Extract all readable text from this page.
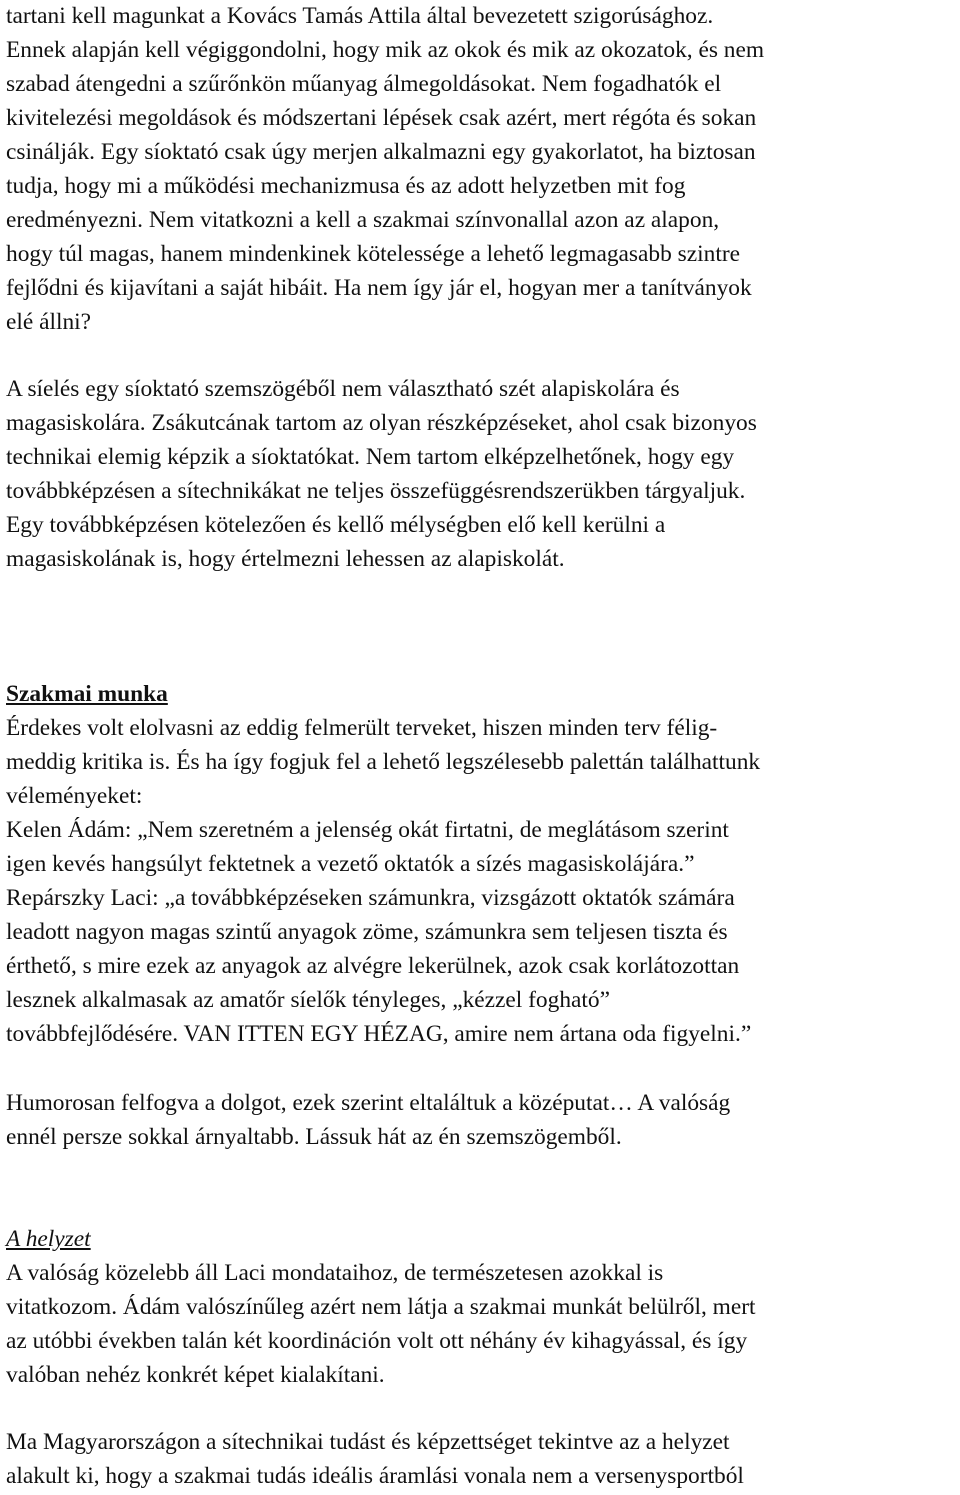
tartani kell magunkat a Kovács Tamás Attila által bevezetett szigorúsághoz.
Ennek alapján kell végiggondolni, hogy mik az okok és mik az okozatok, és nem
szabad átengedni a szűrőnkön műanyag álmegoldásokat. Nem fogadhatók el
kivitelezési megoldások és módszertani lépések csak azért, mert régóta és sokan
csinálják. Egy síoktató csak úgy merjen alkalmazni egy gyakorlatot, ha biztosan
tudja, hogy mi a működési mechanizmusa és az adott helyzetben mit fog
eredményezni. Nem vitatkozni a kell a szakmai színvonallal azon az alapon,
hogy túl magas, hanem mindenkinek kötelessége a lehető legmagasabb szintre
fejlődni és kijavítani a saját hibáit. Ha nem így jár el, hogyan mer a tanítványok
elé állni?
A síelés egy síoktató szemszögéből nem választható szét alapiskolára és
magasiskolára. Zsákutcának tartom az olyan részképzéseket, ahol csak bizonyos
technikai elemig képzik a síoktatókat. Nem tartom elképzelhetőnek, hogy egy
továbbképzésen a sítechnikákat ne teljes összefüggésrendszerükben tárgyaljuk.
Egy továbbképzésen kötelezően és kellő mélységben elő kell kerülni a
magasiskolának is, hogy értelmezni lehessen az alapiskolát.
Szakmai munka
Érdekes volt elolvasni az eddig felmerült terveket, hiszen minden terv félig-
meddig kritika is. És ha így fogjuk fel a lehető legszélesebb palettán találhattunk
véleményeket:
Kelen Ádám: „Nem szeretném a jelenség okát firtatni, de meglátásom szerint
igen kevés hangsúlyt fektetnek a vezető oktatók a sízés magasiskolájára.”
Repárszky Laci: „a továbbképzéseken számunkra, vizsgázott oktatók számára
leadott nagyon magas szintű anyagok zöme, számunkra sem teljesen tiszta és
érthető, s mire ezek az anyagok az alvégre lekerülnek, azok csak korlátozottan
lesznek alkalmasak az amatőr síelők tényleges, „kézzel fogható”
továbbfejlődésére. VAN ITTEN EGY HÉZAG, amire nem ártana oda figyelni.”
Humorosan felfogva a dolgot, ezek szerint eltaláltuk a középutat… A valóság
ennél persze sokkal árnyaltabb. Lássuk hát az én szemszögemből.
A helyzet
A valóság közelebb áll Laci mondataihoz, de természetesen azokkal is
vitatkozom. Ádám valószínűleg azért nem látja a szakmai munkát belülről, mert
az utóbbi években talán két koordináción volt ott néhány év kihagyással, és így
valóban nehéz konkrét képet kialakítani.
Ma Magyarországon a sítechnikai tudást és képzettséget tekintve az a helyzet
alakult ki, hogy a szakmai tudás ideális áramlási vonala nem a versenysportból
